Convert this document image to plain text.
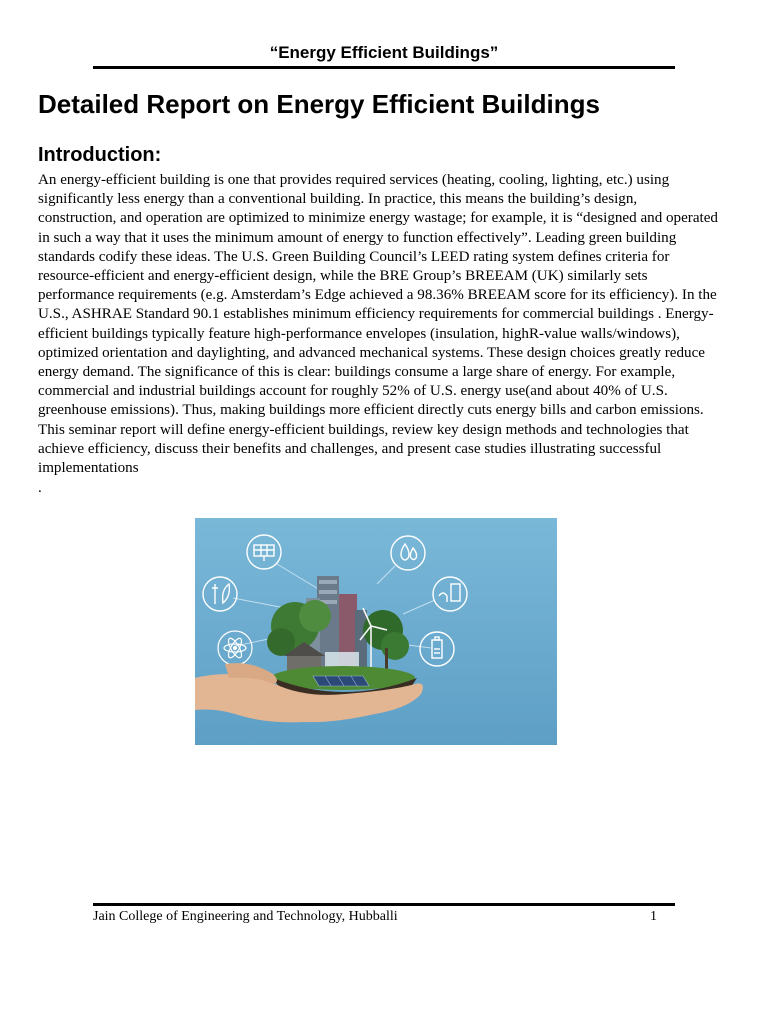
“Energy Efficient Buildings”
Detailed Report on Energy Efficient Buildings
Introduction:

An energy-efficient building is one that provides required services (heating, cooling, lighting, etc.) using significantly less energy than a conventional building. In practice, this means the building’s design, construction, and operation are optimized to minimize energy wastage; for example, it is “designed and operated in such a way that it uses the minimum amount of energy to function effectively”. Leading green building standards codify these ideas. The U.S. Green Building Council’s LEED rating system defines criteria for resource-efficient and energy-efficient design, while the BRE Group’s BREEAM (UK) similarly sets performance requirements (e.g. Amsterdam’s Edge achieved a 98.36% BREEAM score for its efficiency). In the U.S., ASHRAE Standard 90.1 establishes minimum efficiency requirements for commercial buildings . Energy-efficient buildings typically feature high-performance envelopes (insulation, highR-value walls/windows), optimized orientation and daylighting, and advanced mechanical systems. These design choices greatly reduce energy demand. The significance of this is clear: buildings consume a large share of energy. For example, commercial and industrial buildings account for roughly 52% of U.S. energy use(and about 40% of U.S. greenhouse emissions). Thus, making buildings more efficient directly cuts energy bills and carbon emissions. This seminar report will define energy-efficient buildings, review key design methods and technologies that achieve efficiency, discuss their benefits and challenges, and present case studies illustrating successful implementations

.
Jain College of Engineering and Technology, Hubballi	1
